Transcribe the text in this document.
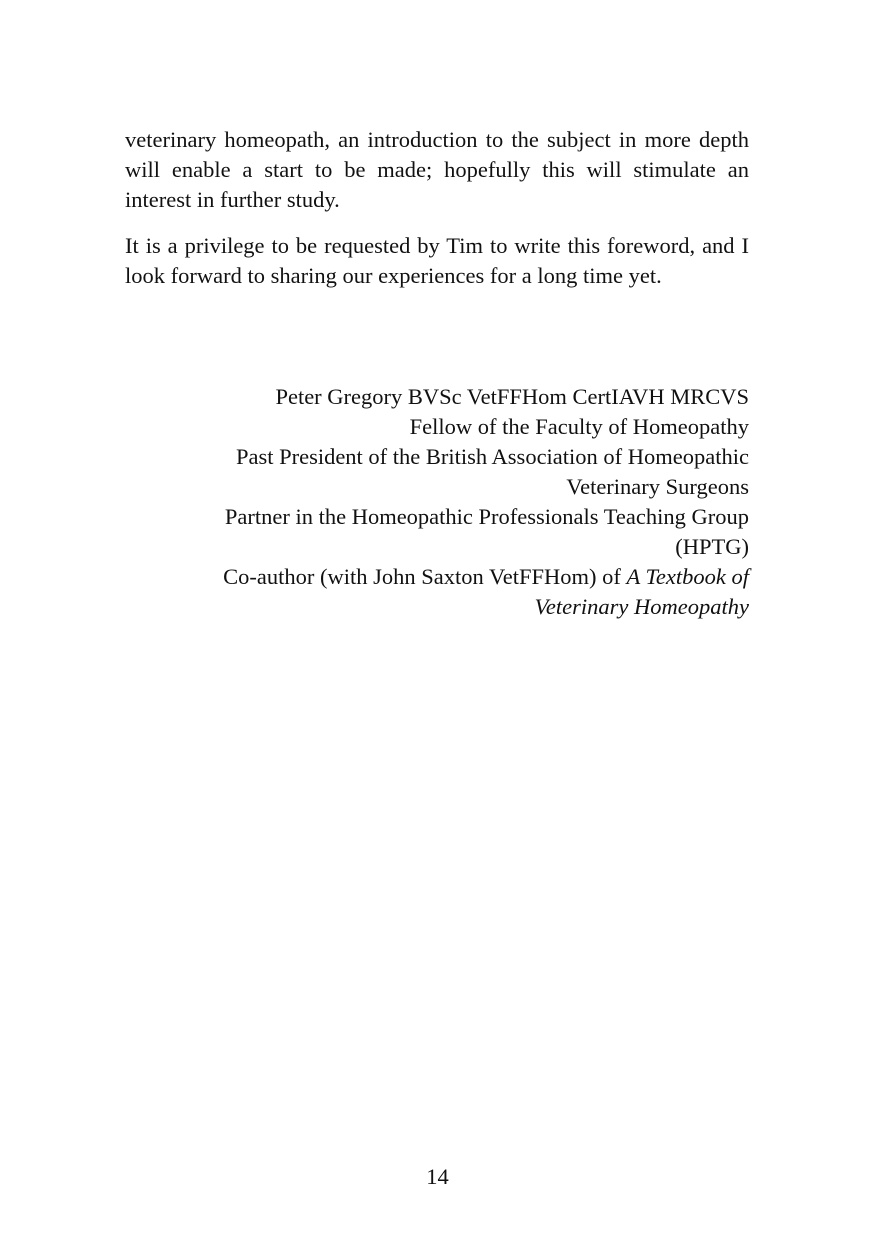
veterinary homeopath, an introduction to the subject in more depth will enable a start to be made; hopefully this will stimulate an interest in further study.

It is a privilege to be requested by Tim to write this foreword, and I look forward to sharing our experiences for a long time yet.

Peter Gregory BVSc VetFFHom CertIAVH MRCVS
Fellow of the Faculty of Homeopathy
Past President of the British Association of Homeopathic
Veterinary Surgeons
Partner in the Homeopathic Professionals Teaching Group
(HPTG)
Co-author (with John Saxton VetFFHom) of A Textbook of
Veterinary Homeopathy
14
